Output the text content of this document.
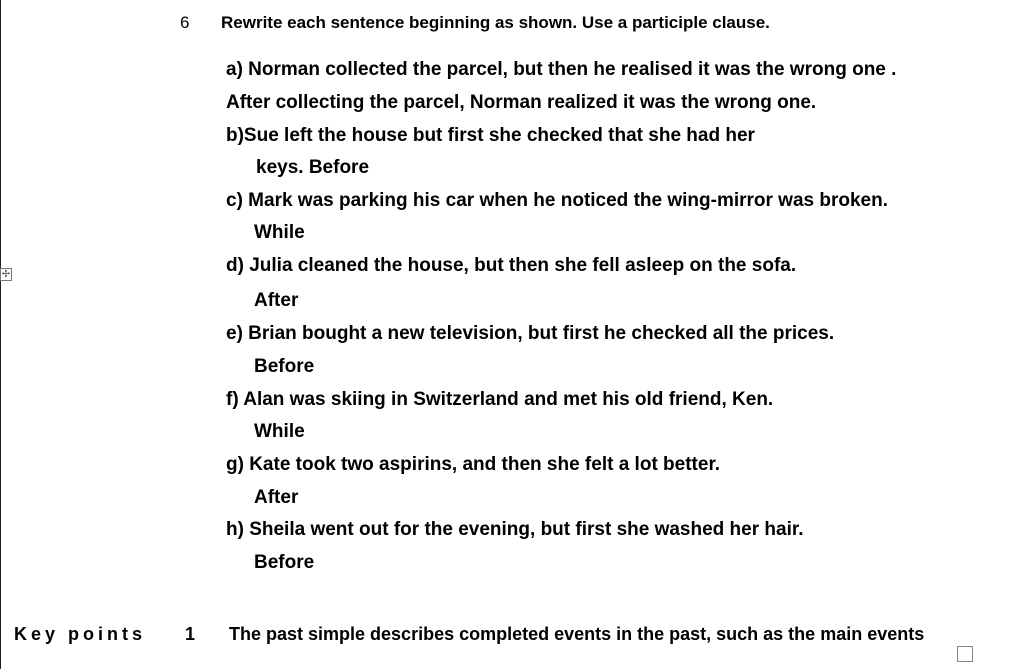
✢
6 Rewrite each sentence beginning as shown. Use a participle clause.
a) Norman collected the parcel, but then he realised it was the wrong one .
After collecting the parcel, Norman realized it was the wrong one.
b)Sue left the house but first she checked that she had her
keys. Before
c) Mark was parking his car when he noticed the wing-mirror was broken.
While
d) Julia cleaned the house, but then she fell asleep on the sofa.
After
e) Brian bought a new television, but first he checked all the prices.
Before
f) Alan was skiing in Switzerland and met his old friend, Ken.
While
g) Kate took two aspirins, and then she felt a lot better.
After
h) Sheila went out for the evening, but first she washed her hair.
Before
Key points 1 The past simple describes completed events in the past, such as the main events
